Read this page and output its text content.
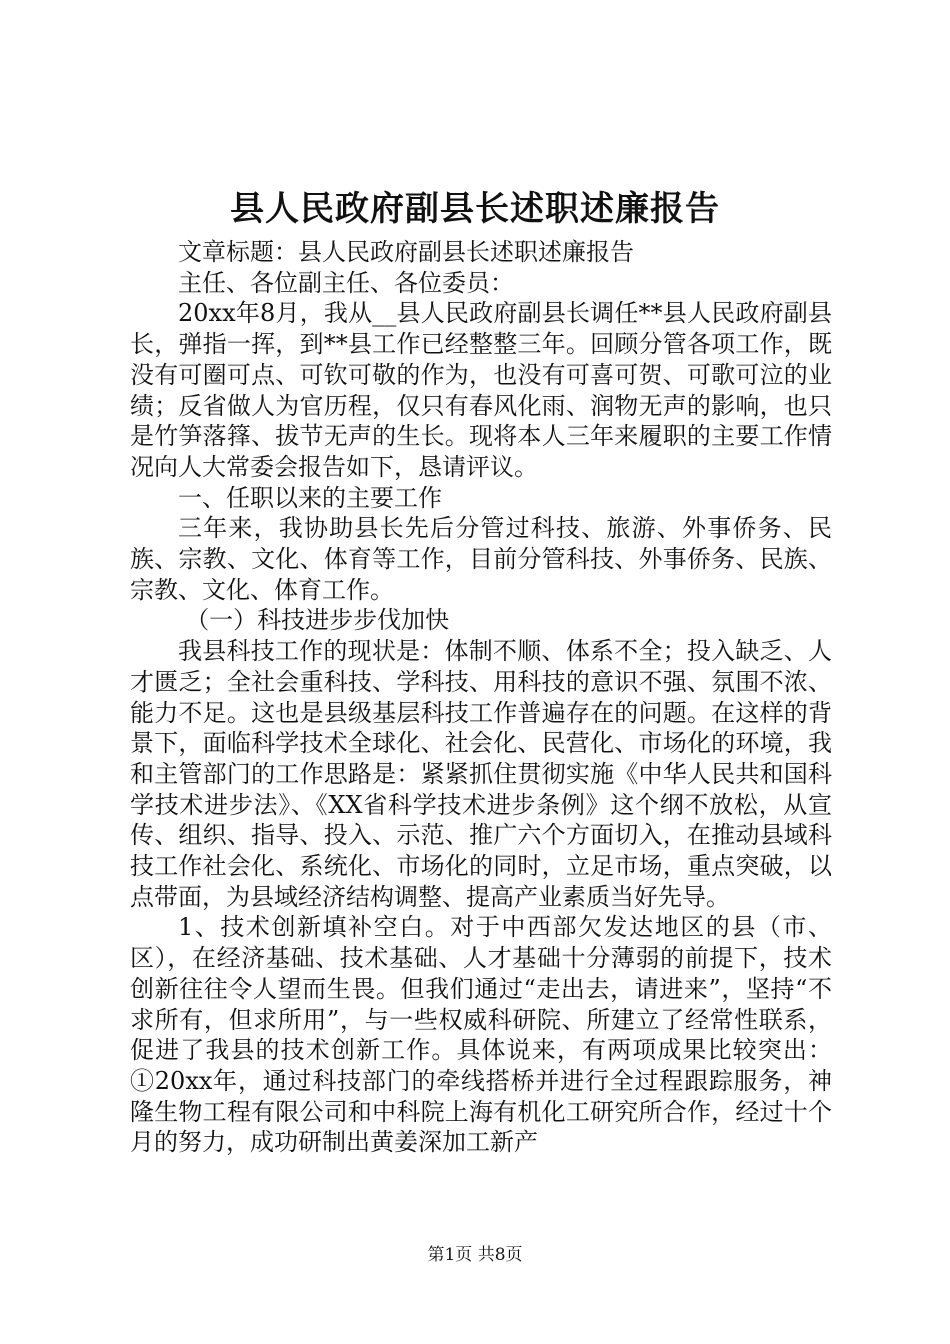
县人民政府副县长述职述廉报告

文章标题：县人民政府副县长述职述廉报告

主任、各位副主任、各位委员：

20xx年8月，我从__县人民政府副县长调任**县人民政府副县长，弹指一挥，到**县工作已经整整三年。回顾分管各项工作，既没有可圈可点、可钦可敬的作为，也没有可喜可贺、可歌可泣的业绩；反省做人为官历程，仅只有春风化雨、润物无声的影响，也只是竹笋落箨、拔节无声的生长。现将本人三年来履职的主要工作情况向人大常委会报告如下，恳请评议。

一、任职以来的主要工作

三年来，我协助县长先后分管过科技、旅游、外事侨务、民族、宗教、文化、体育等工作，目前分管科技、外事侨务、民族、宗教、文化、体育工作。

（一）科技进步步伐加快

我县科技工作的现状是：体制不顺、体系不全；投入缺乏、人才匮乏；全社会重科技、学科技、用科技的意识不强、氛围不浓、能力不足。这也是县级基层科技工作普遍存在的问题。在这样的背景下，面临科学技术全球化、社会化、民营化、市场化的环境，我和主管部门的工作思路是：紧紧抓住贯彻实施《中华人民共和国科学技术进步法》、《XX省科学技术进步条例》这个纲不放松，从宣传、组织、指导、投入、示范、推广六个方面切入，在推动县域科技工作社会化、系统化、市场化的同时，立足市场，重点突破，以点带面，为县域经济结构调整、提高产业素质当好先导。

1、技术创新填补空白。对于中西部欠发达地区的县（市、区），在经济基础、技术基础、人才基础十分薄弱的前提下，技术创新往往令人望而生畏。但我们通过“走出去，请进来”，坚持“不求所有，但求所用”，与一些权威科研院、所建立了经常性联系，促进了我县的技术创新工作。具体说来，有两项成果比较突出：①20xx年，通过科技部门的牵线搭桥并进行全过程跟踪服务，神隆生物工程有限公司和中科院上海有机化工研究所合作，经过十个月的努力，成功研制出黄姜深加工新产

第1页 共8页
